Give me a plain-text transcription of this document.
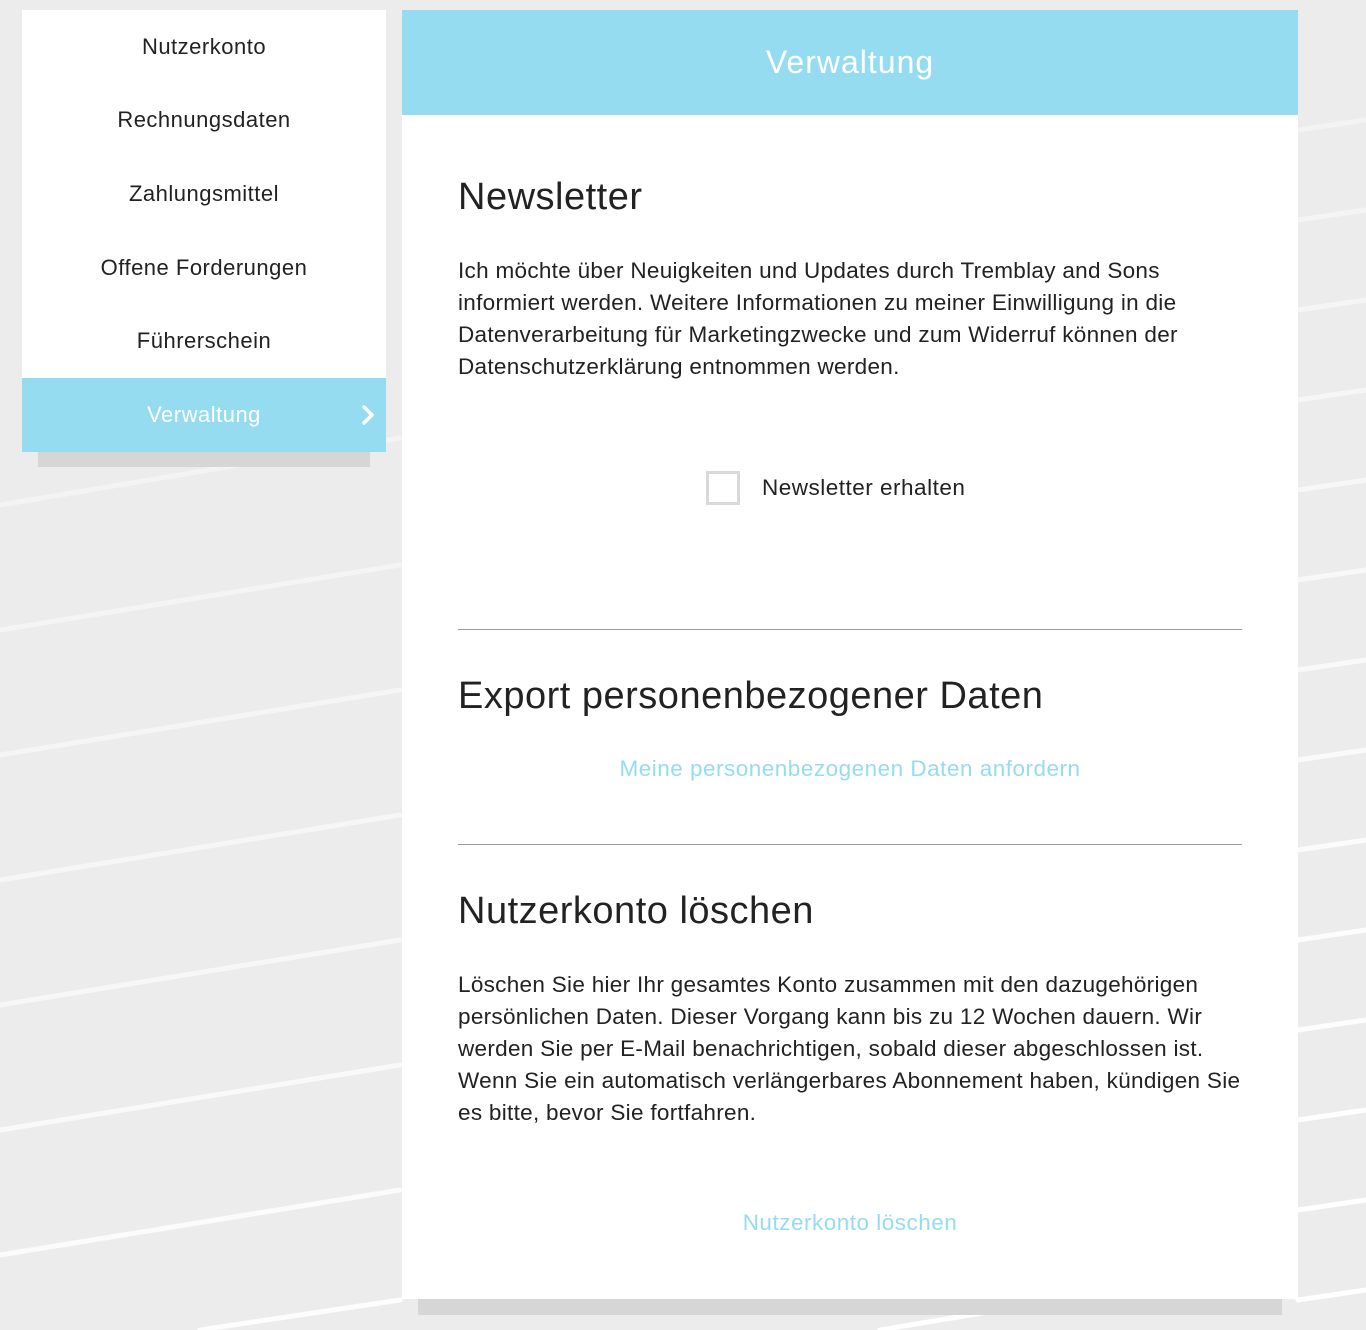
Nutzerkonto
Rechnungsdaten
Zahlungsmittel
Offene Forderungen
Führerschein
Verwaltung
Verwaltung
Newsletter

Ich möchte über Neuigkeiten und Updates durch Tremblay and Sons informiert werden. Weitere Informationen zu meiner Einwilligung in die Datenverarbeitung für Marketingzwecke und zum Widerruf können der Datenschutzerklärung entnommen werden.

Newsletter erhalten
Export personenbezogener Daten
Meine personenbezogenen Daten anfordern
Nutzerkonto löschen

Löschen Sie hier Ihr gesamtes Konto zusammen mit den dazugehörigen persönlichen Daten. Dieser Vorgang kann bis zu 12 Wochen dauern. Wir werden Sie per E-Mail benachrichtigen, sobald dieser abgeschlossen ist. Wenn Sie ein automatisch verlängerbares Abonnement haben, kündigen Sie es bitte, bevor Sie fortfahren.

Nutzerkonto löschen
